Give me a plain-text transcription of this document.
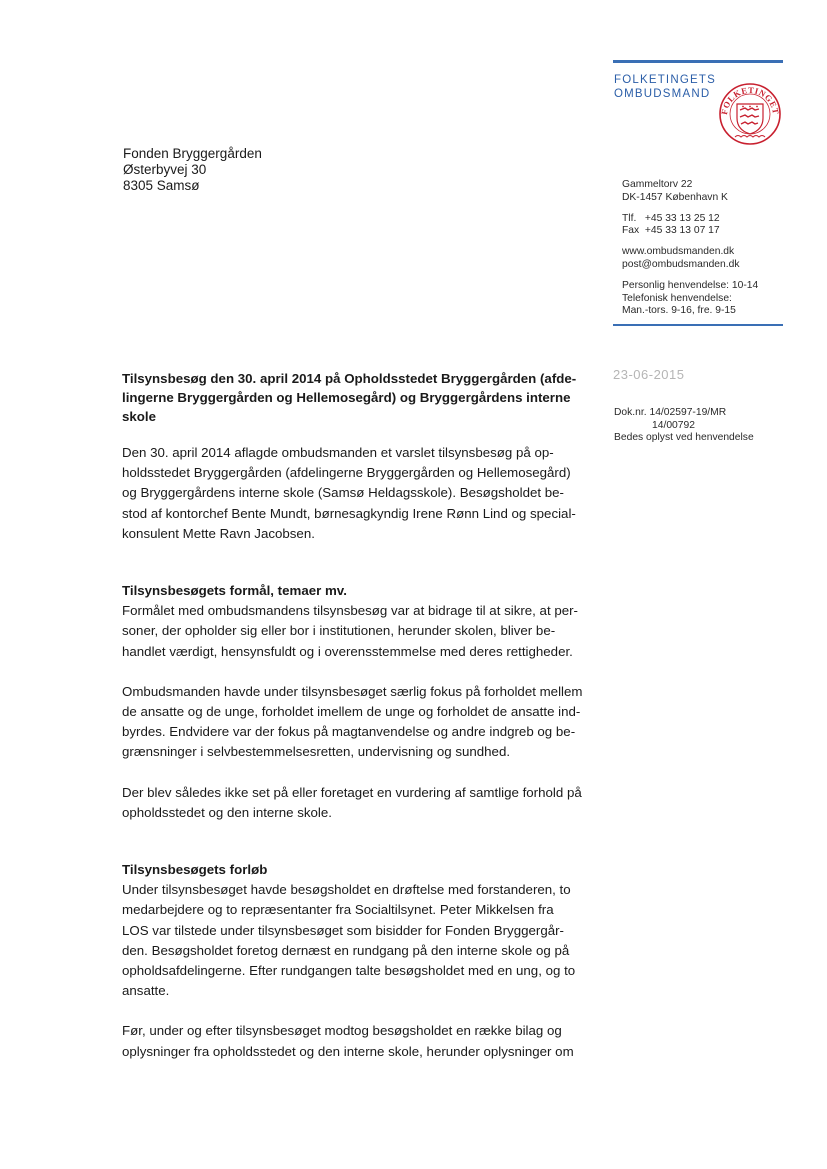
FOLKETINGETS
OMBUDSMAND
FOLKETINGET
Fonden Bryggergården
Østerbyvej 30
8305 Samsø	Gammeltorv 22
DK-1457 København K
Tlf.   +45 33 13 25 12
Fax  +45 33 13 07 17
www.ombudsmanden.dk
post@ombudsmanden.dk
Personlig henvendelse: 10-14
Telefonisk henvendelse:
Man.-tors. 9-16, fre. 9-15
23-06-2015
Dok.nr. 14/02597-19/MR
14/00792
Bedes oplyst ved henvendelse
Tilsynsbesøg den 30. april 2014 på Opholdsstedet Bryggergården (afde-
lingerne Bryggergården og Hellemosegård) og Bryggergårdens interne
skole
Den 30. april 2014 aflagde ombudsmanden et varslet tilsynsbesøg på op-
holdsstedet Bryggergården (afdelingerne Bryggergården og Hellemosegård)
og Bryggergårdens interne skole (Samsø Heldagsskole). Besøgsholdet be-
stod af kontorchef Bente Mundt, børnesagkyndig Irene Rønn Lind og special-
konsulent Mette Ravn Jacobsen.
Tilsynsbesøgets formål, temaer mv.
Formålet med ombudsmandens tilsynsbesøg var at bidrage til at sikre, at per-
soner, der opholder sig eller bor i institutionen, herunder skolen, bliver be-
handlet værdigt, hensynsfuldt og i overensstemmelse med deres rettigheder.
Ombudsmanden havde under tilsynsbesøget særlig fokus på forholdet mellem
de ansatte og de unge, forholdet imellem de unge og forholdet de ansatte ind-
byrdes. Endvidere var der fokus på magtanvendelse og andre indgreb og be-
grænsninger i selvbestemmelsesretten, undervisning og sundhed.
Der blev således ikke set på eller foretaget en vurdering af samtlige forhold på
opholdsstedet og den interne skole.
Tilsynsbesøgets forløb
Under tilsynsbesøget havde besøgsholdet en drøftelse med forstanderen, to
medarbejdere og to repræsentanter fra Socialtilsynet. Peter Mikkelsen fra
LOS var tilstede under tilsynsbesøget som bisidder for Fonden Bryggergår-
den. Besøgsholdet foretog dernæst en rundgang på den interne skole og på
opholdsafdelingerne. Efter rundgangen talte besøgsholdet med en ung, og to
ansatte.
Før, under og efter tilsynsbesøget modtog besøgsholdet en række bilag og
oplysninger fra opholdsstedet og den interne skole, herunder oplysninger om
